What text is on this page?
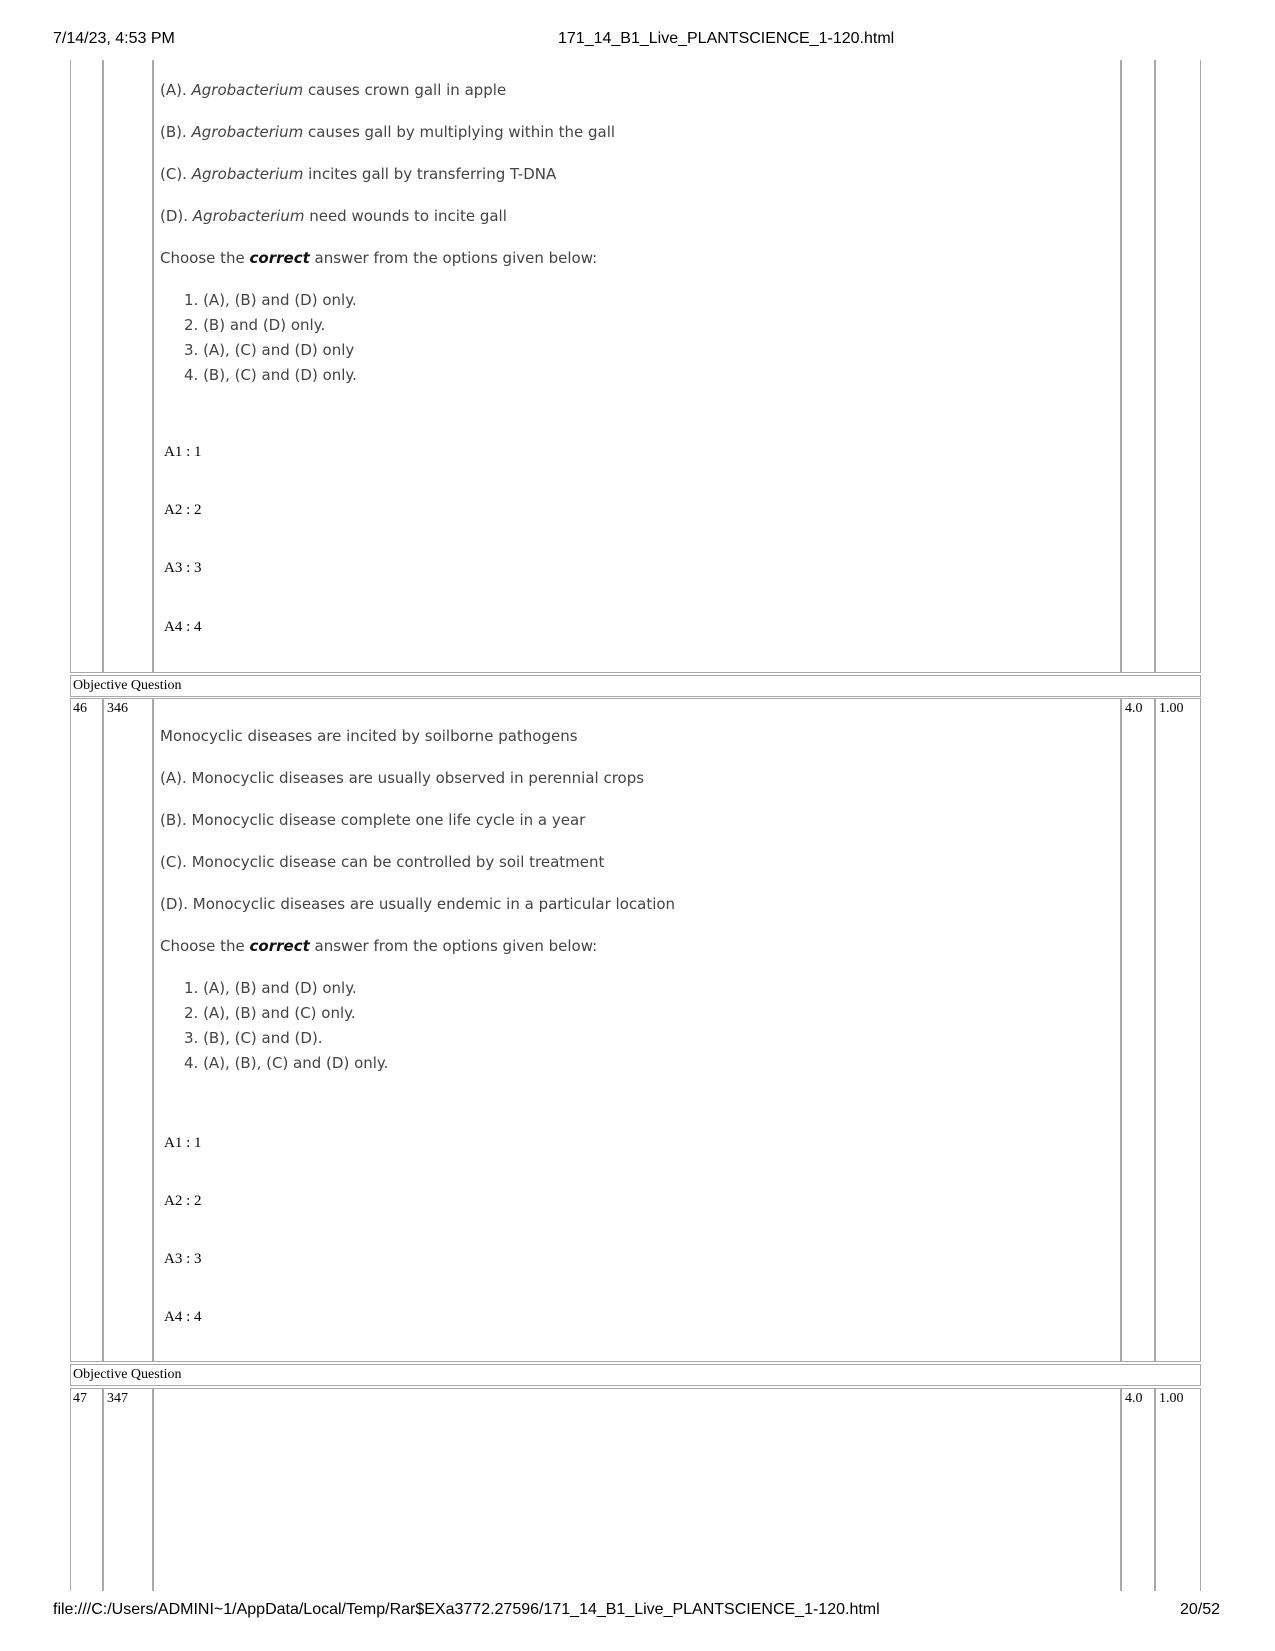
7/14/23, 4:53 PM	171_14_B1_Live_PLANTSCIENCE_1-120.html
file:///C:/Users/ADMINI~1/AppData/Local/Temp/Rar$EXa3772.27596/171_14_B1_Live_PLANTSCIENCE_1-120.html	20/52
(A). Agrobacterium causes crown gall in apple
(B). Agrobacterium causes gall by multiplying within the gall
(C). Agrobacterium incites gall by transferring T-DNA
(D). Agrobacterium need wounds to incite gall
Choose the correct answer from the options given below:
1. (A), (B) and (D) only.
2. (B) and (D) only.
3. (A), (C) and (D) only
4. (B), (C) and (D) only.
A1 : 1
A2 : 2
A3 : 3
A4 : 4
Objective Question
46 346	4.0 1.00
Monocyclic diseases are incited by soilborne pathogens
(A). Monocyclic diseases are usually observed in perennial crops
(B). Monocyclic disease complete one life cycle in a year
(C). Monocyclic disease can be controlled by soil treatment
(D). Monocyclic diseases are usually endemic in a particular location
Choose the correct answer from the options given below:
1. (A), (B) and (D) only.
2. (A), (B) and (C) only.
3. (B), (C) and (D).
4. (A), (B), (C) and (D) only.
A1 : 1
A2 : 2
A3 : 3
A4 : 4
Objective Question
47 347	4.0 1.00
